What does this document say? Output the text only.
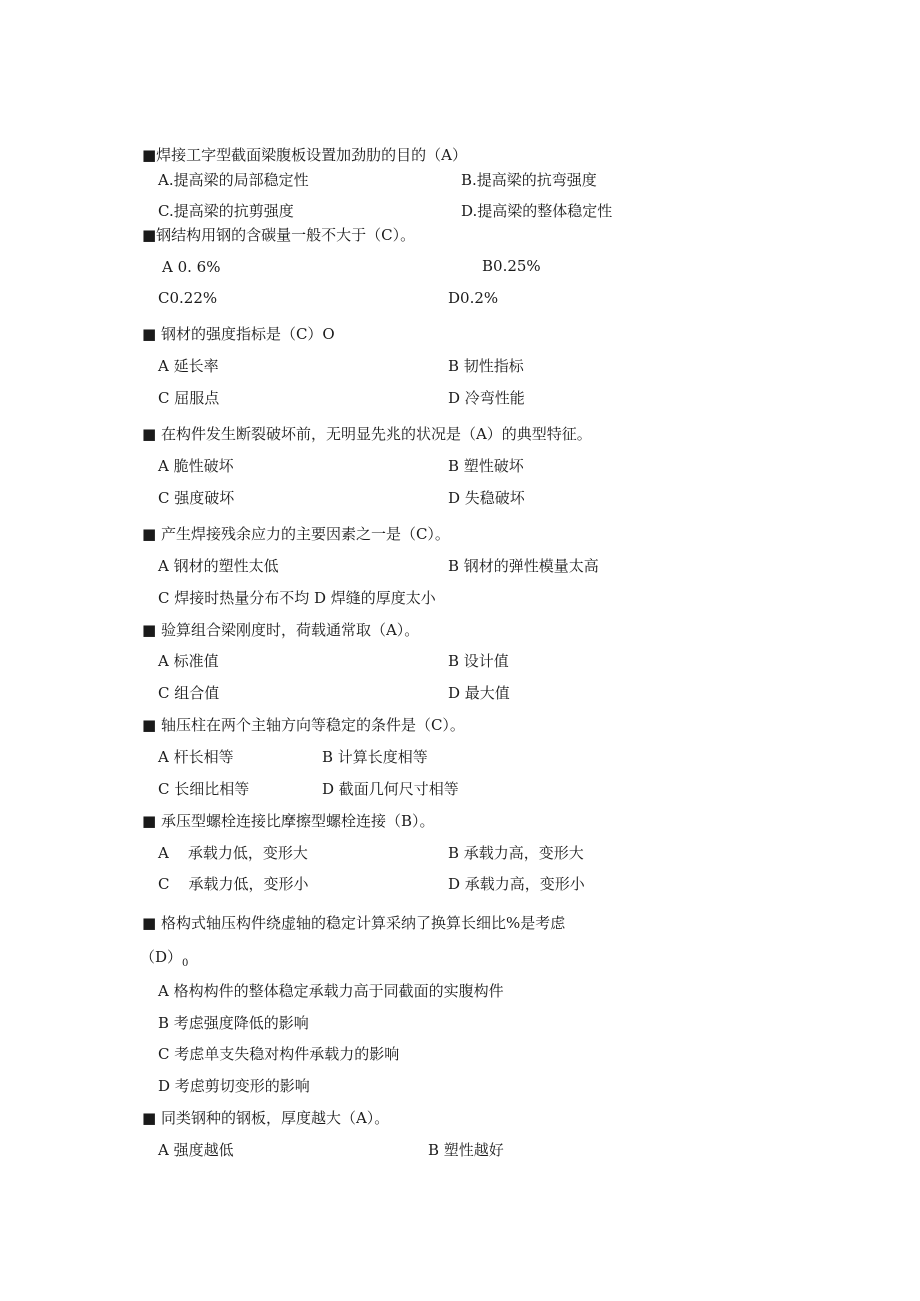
■焊接工字型截面梁腹板设置加劲肋的目的（A）
A.提高梁的局部稳定性	B.提高梁的抗弯强度
C.提高梁的抗剪强度	D.提高梁的整体稳定性
■钢结构用钢的含碳量一般不大于（C）。
A 0. 6%	B0.25%
C0.22%	D0.2%
■ 钢材的强度指标是（C）O
A 延长率	B 韧性指标
C 屈服点	D 冷弯性能
■ 在构件发生断裂破坏前，无明显先兆的状况是（A）的典型特征。
A 脆性破坏	B 塑性破坏
C 强度破坏	D 失稳破坏
■ 产生焊接残余应力的主要因素之一是（C）。
A 钢材的塑性太低	B 钢材的弹性模量太高
C 焊接时热量分布不均 D 焊缝的厚度太小
■ 验算组合梁刚度时，荷载通常取（A）。
A 标准值	B 设计值
C 组合值	D 最大值
■ 轴压柱在两个主轴方向等稳定的条件是（C）。
A 杆长相等	B 计算长度相等
C 长细比相等	D 截面几何尺寸相等
■ 承压型螺栓连接比摩擦型螺栓连接（B）。
A    承载力低，变形大	B 承载力高，变形大
C    承载力低，变形小	D 承载力高，变形小
■ 格构式轴压构件绕虚轴的稳定计算采纳了换算长细比%是考虑
$(D)_0$
A 格构构件的整体稳定承载力高于同截面的实腹构件
B 考虑强度降低的影响
C 考虑单支失稳对构件承载力的影响
D 考虑剪切变形的影响
■ 同类钢种的钢板，厚度越大（A）。
A 强度越低	B 塑性越好
